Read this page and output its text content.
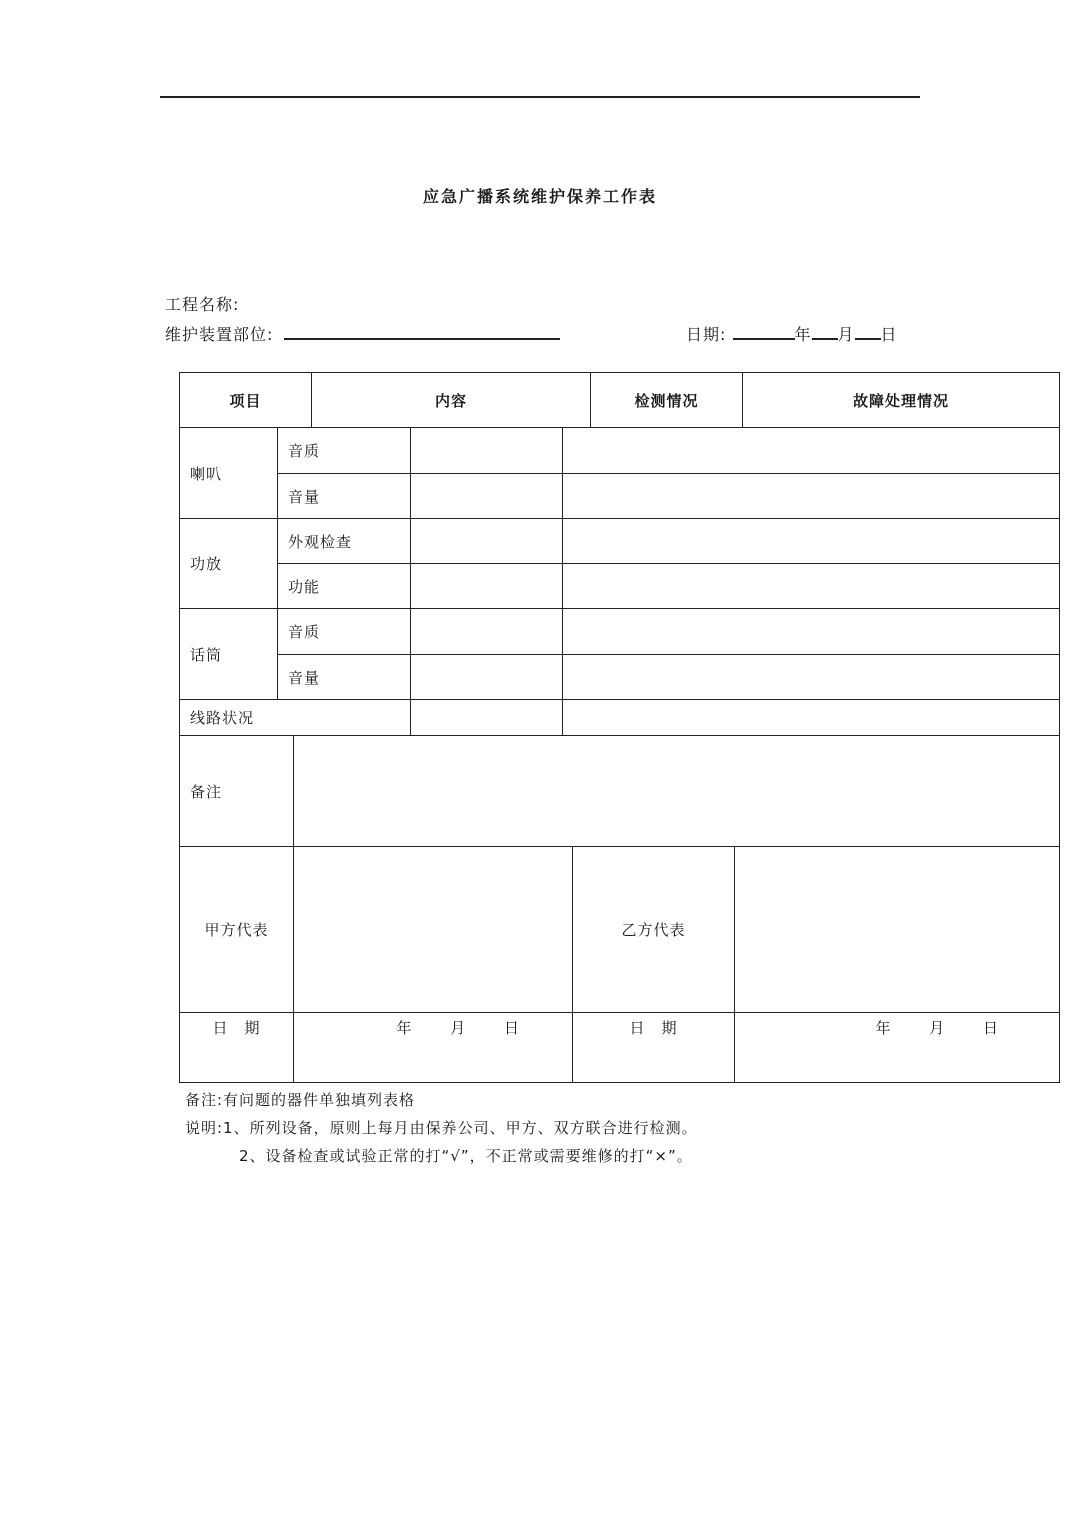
应急广播系统维护保养工作表
工程名称:
维护装置部位:	日期:	年 月 日
项目	内容	检测情况	故障处理情况
喇叭	音质		
	音量		
功放	外观检查		
	功能		
话筒	音质		
	音量		
线路状况			
备注	
甲方代表		乙方代表	
日　期	年 月 日	日　期	年 月 日
备注:有问题的器件单独填列表格
说明:1、所列设备，原则上每月由保养公司、甲方、双方联合进行检测。
2、设备检查或试验正常的打“√”，不正常或需要维修的打“×”。
